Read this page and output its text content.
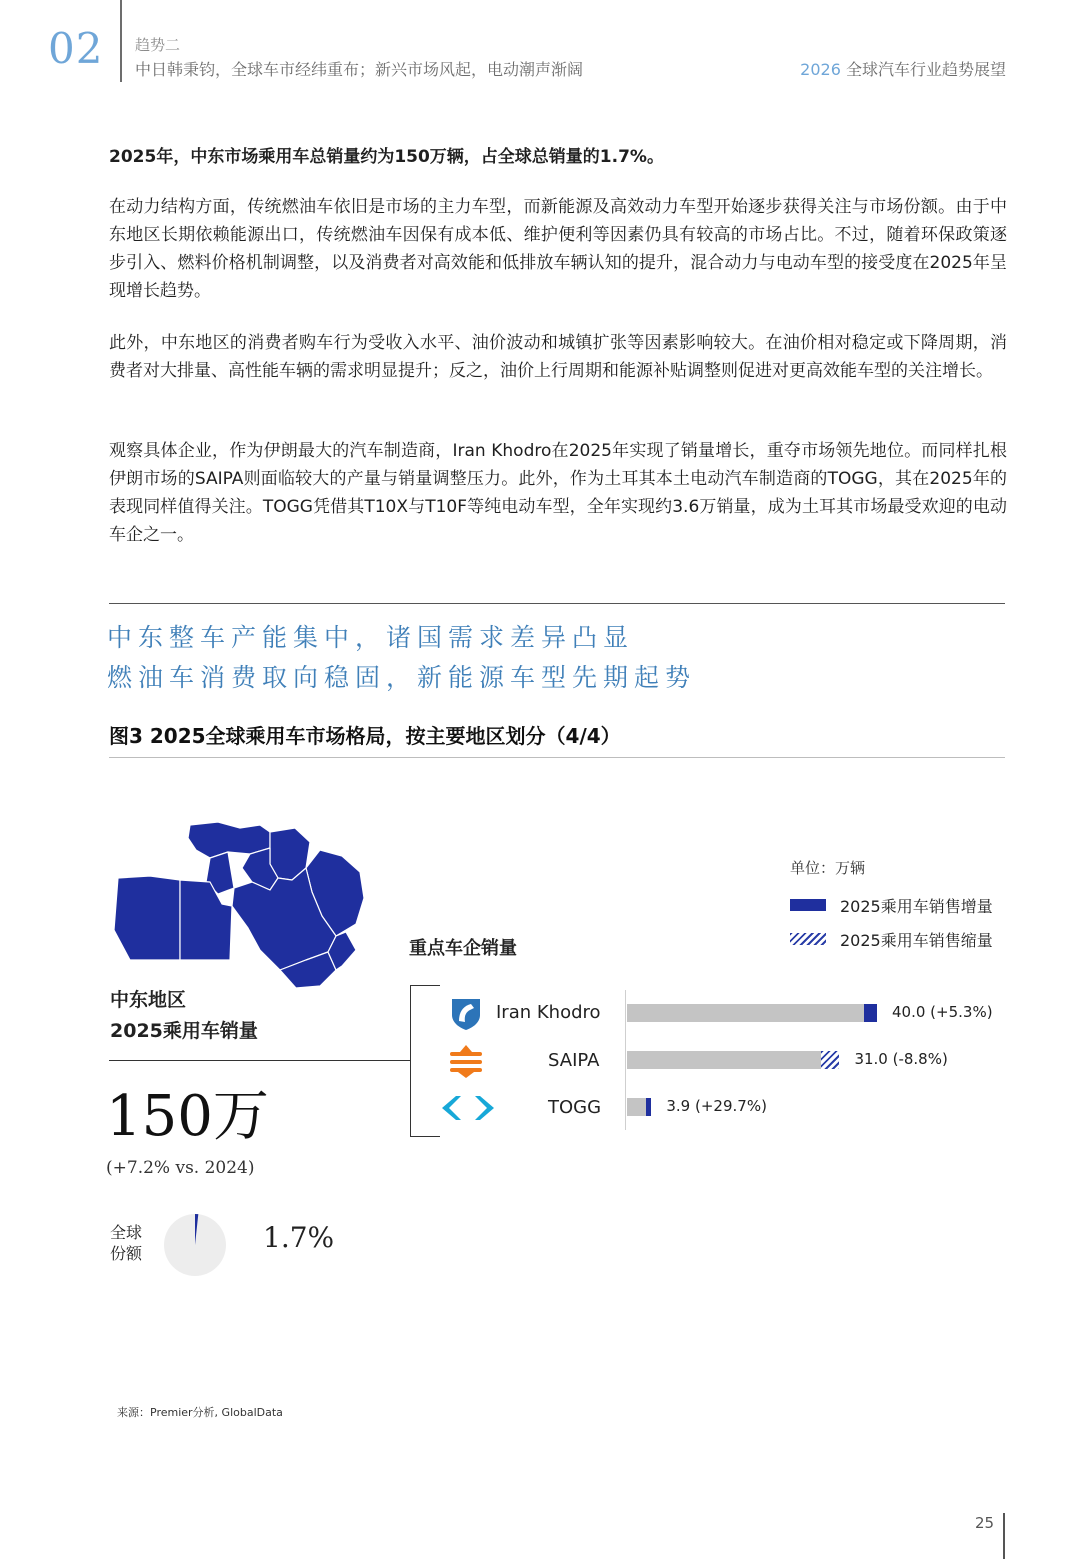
02 趋势二
中日韩秉钧，全球车市经纬重布；新兴市场风起，电动潮声渐阔	2026 全球汽车行业趋势展望
2025年，中东市场乘用车总销量约为150万辆，占全球总销量的1.7%。
在动力结构方面，传统燃油车依旧是市场的主力车型，而新能源及高效动力车型开始逐步获得关注与市场份额。由于中东地区长期依赖能源出口，传统燃油车因保有成本低、维护便利等因素仍具有较高的市场占比。不过，随着环保政策逐步引入、燃料价格机制调整，以及消费者对高效能和低排放车辆认知的提升，混合动力与电动车型的接受度在2025年呈现增长趋势。
此外，中东地区的消费者购车行为受收入水平、油价波动和城镇扩张等因素影响较大。在油价相对稳定或下降周期，消费者对大排量、高性能车辆的需求明显提升；反之，油价上行周期和能源补贴调整则促进对更高效能车型的关注增长。
观察具体企业，作为伊朗最大的汽车制造商，Iran Khodro在2025年实现了销量增长，重夺市场领先地位。而同样扎根伊朗市场的SAIPA则面临较大的产量与销量调整压力。此外，作为土耳其本土电动汽车制造商的TOGG，其在2025年的表现同样值得关注。TOGG凭借其T10X与T10F等纯电动车型，全年实现约3.6万销量，成为土耳其市场最受欢迎的电动车企之一。
中东整车产能集中，诸国需求差异凸显
燃油车消费取向稳固，新能源车型先期起势
图3 2025全球乘用车市场格局，按主要地区划分（4/4）
中东地区
2025乘用车销量
150万
(+7.2% vs. 2024)
全球
份额	1.7%
单位：万辆
2025乘用车销售增量
2025乘用车销售缩量
重点车企销量
Iran Khodro
SAIPA
TOGG
40.0 (+5.3%)
31.0 (-8.8%)
3.9 (+29.7%)
来源：Premier分析, GlobalData
25
